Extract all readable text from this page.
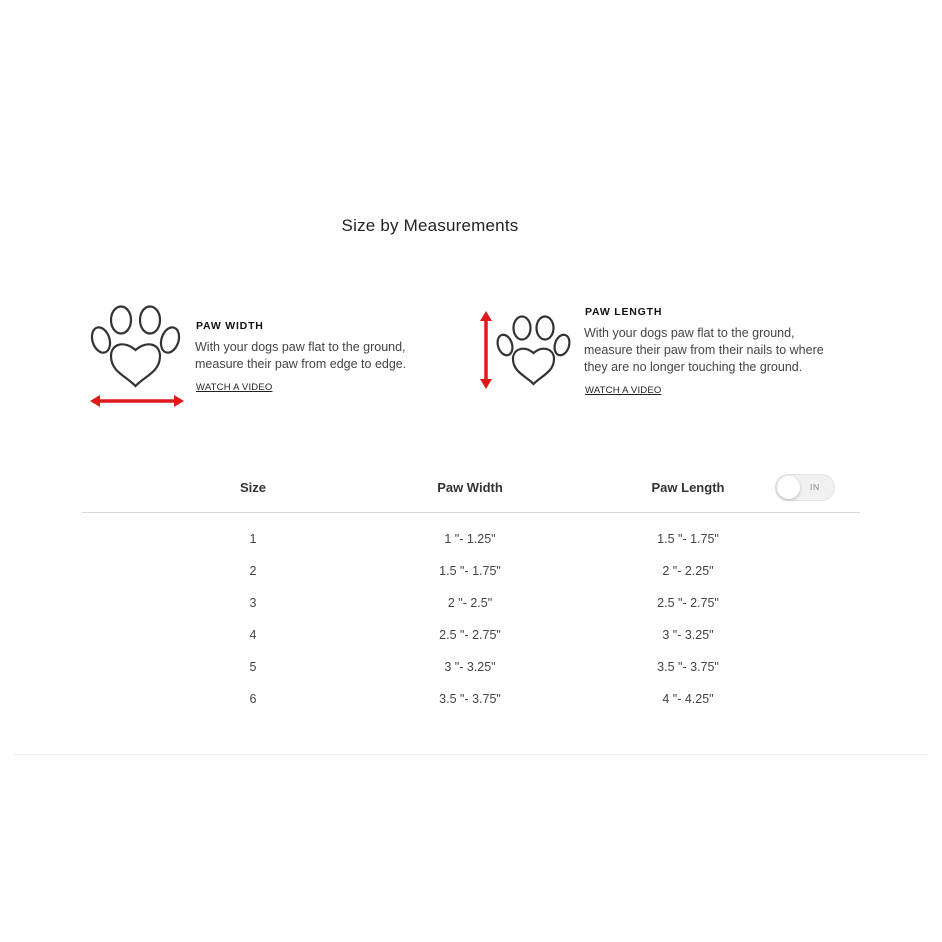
Size by Measurements
PAW WIDTH
With your dogs paw flat to the ground,
measure their paw from edge to edge.
WATCH A VIDEO
PAW LENGTH
With your dogs paw flat to the ground,
measure their paw from their nails to where
they are no longer touching the ground.
WATCH A VIDEO
Size	Paw Width	Paw Length	IN
1	1 "- 1.25"	1.5 "- 1.75"
2	1.5 "- 1.75"	2 "- 2.25"
3	2 "- 2.5"	2.5 "- 2.75"
4	2.5 "- 2.75"	3 "- 3.25"
5	3 "- 3.25"	3.5 "- 3.75"
6	3.5 "- 3.75"	4 "- 4.25"
